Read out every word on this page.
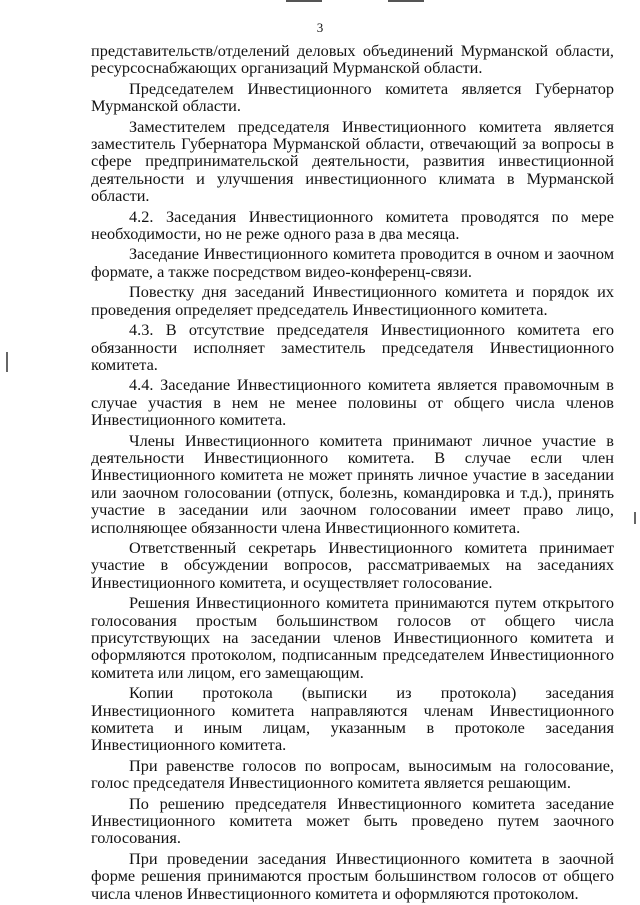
3

представительств/отделений деловых объединений Мурманской области, ресурсоснабжающих организаций Мурманской области.

Председателем Инвестиционного комитета является Губернатор Мурманской области.

Заместителем председателя Инвестиционного комитета является заместитель Губернатора Мурманской области, отвечающий за вопросы в сфере предпринимательской деятельности, развития инвестиционной деятельности и улучшения инвестиционного климата в Мурманской области.

4.2. Заседания Инвестиционного комитета проводятся по мере необходимости, но не реже одного раза в два месяца.

Заседание Инвестиционного комитета проводится в очном и заочном формате, а также посредством видео-конференц-связи.

Повестку дня заседаний Инвестиционного комитета и порядок их проведения определяет председатель Инвестиционного комитета.

4.3. В отсутствие председателя Инвестиционного комитета его обязанности исполняет заместитель председателя Инвестиционного комитета.

4.4. Заседание Инвестиционного комитета является правомочным в случае участия в нем не менее половины от общего числа членов Инвестиционного комитета.

Члены Инвестиционного комитета принимают личное участие в деятельности Инвестиционного комитета. В случае если член Инвестиционного комитета не может принять личное участие в заседании или заочном голосовании (отпуск, болезнь, командировка и т.д.), принять участие в заседании или заочном голосовании имеет право лицо, исполняющее обязанности члена Инвестиционного комитета.

Ответственный секретарь Инвестиционного комитета принимает участие в обсуждении вопросов, рассматриваемых на заседаниях Инвестиционного комитета, и осуществляет голосование.

Решения Инвестиционного комитета принимаются путем открытого голосования простым большинством голосов от общего числа присутствующих на заседании членов Инвестиционного комитета и оформляются протоколом, подписанным председателем Инвестиционного комитета или лицом, его замещающим.

Копии протокола (выписки из протокола) заседания Инвестиционного комитета направляются членам Инвестиционного комитета и иным лицам, указанным в протоколе заседания Инвестиционного комитета.

При равенстве голосов по вопросам, выносимым на голосование, голос председателя Инвестиционного комитета является решающим.

По решению председателя Инвестиционного комитета заседание Инвестиционного комитета может быть проведено путем заочного голосования.

При проведении заседания Инвестиционного комитета в заочной форме решения принимаются простым большинством голосов от общего числа членов Инвестиционного комитета и оформляются протоколом.
